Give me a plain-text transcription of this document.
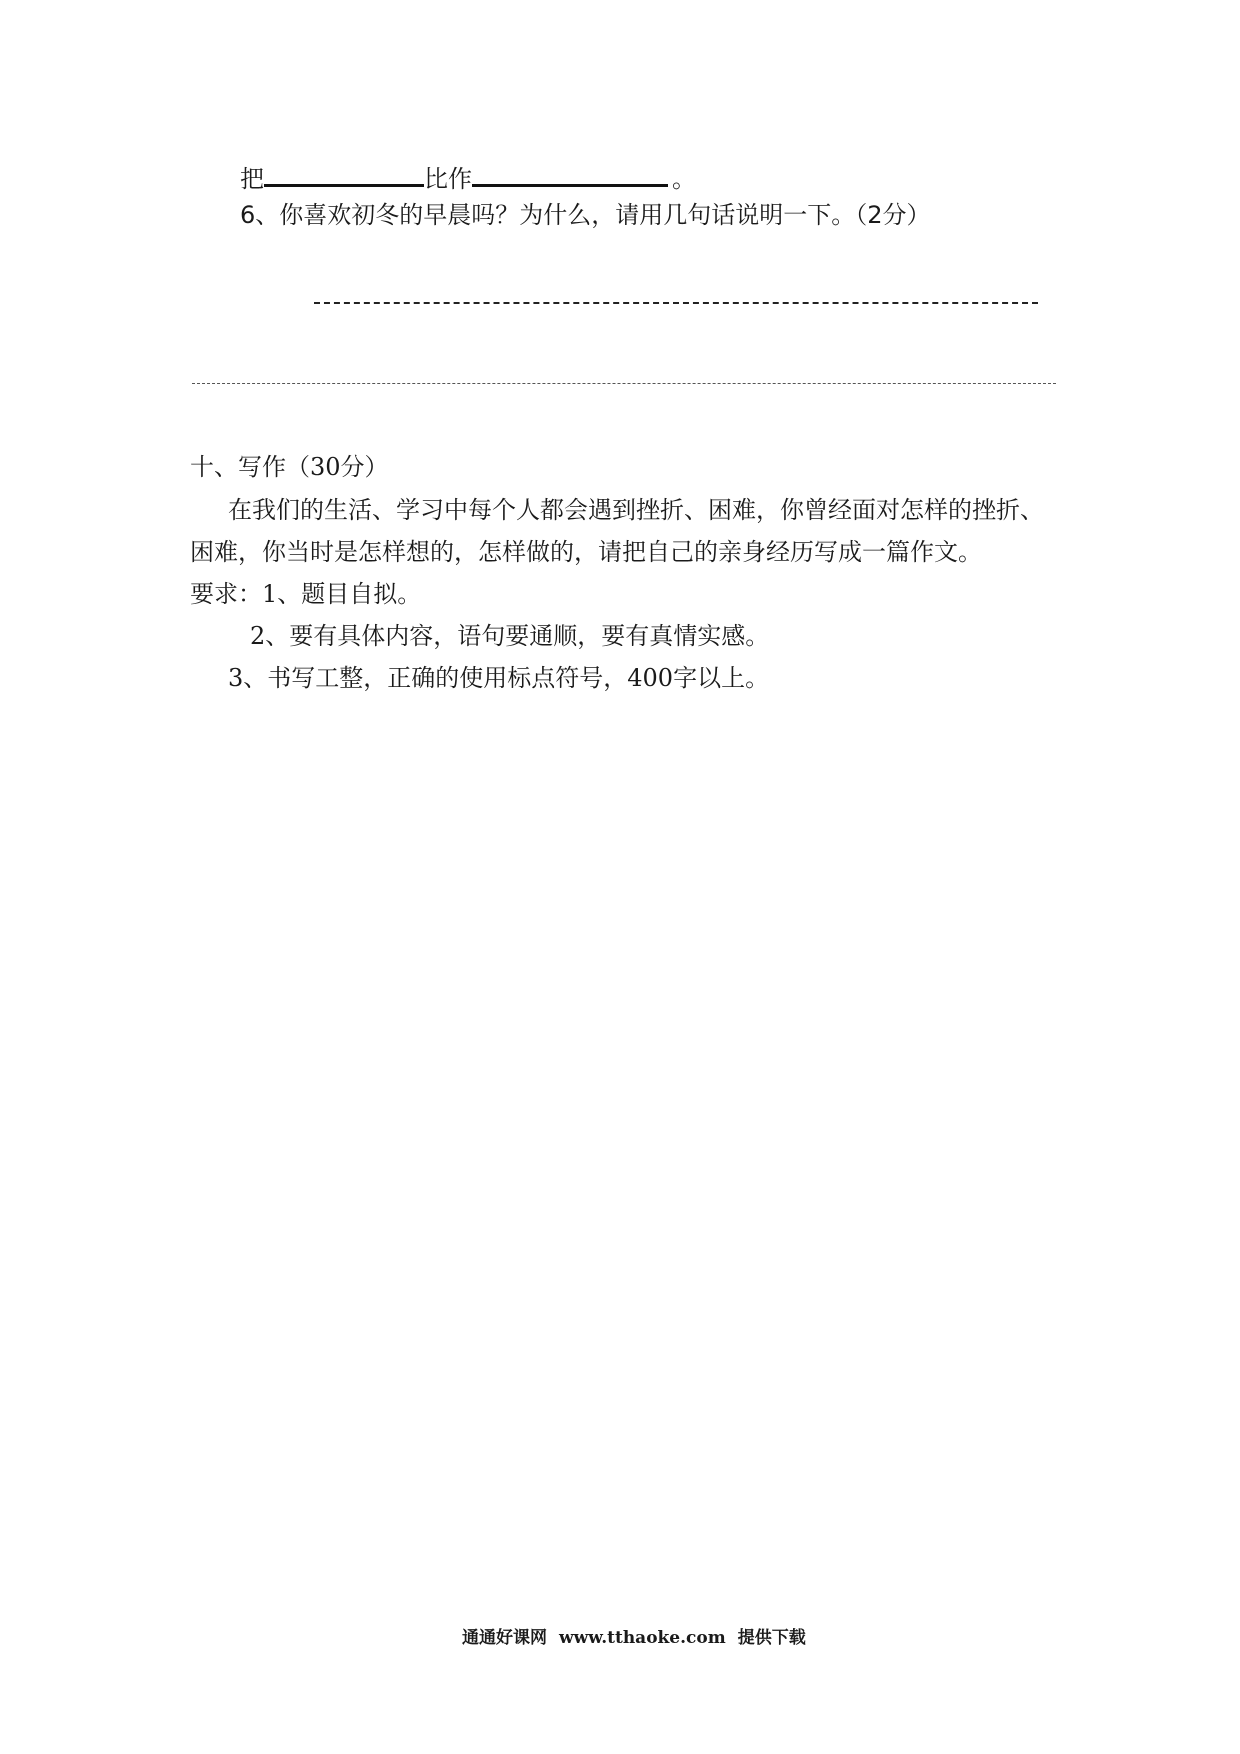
把	比作	。
6、你喜欢初冬的早晨吗？为什么，请用几句话说明一下。（2分）
十、写作（30分）
在我们的生活、学习中每个人都会遇到挫折、困难，你曾经面对怎样的挫折、
困难，你当时是怎样想的，怎样做的，请把自己的亲身经历写成一篇作文。
要求：1、题目自拟。
2、要有具体内容，语句要通顺，要有真情实感。
3、书写工整，正确的使用标点符号，400字以上。
通通好课网 www.tthaoke.com 提供下载
